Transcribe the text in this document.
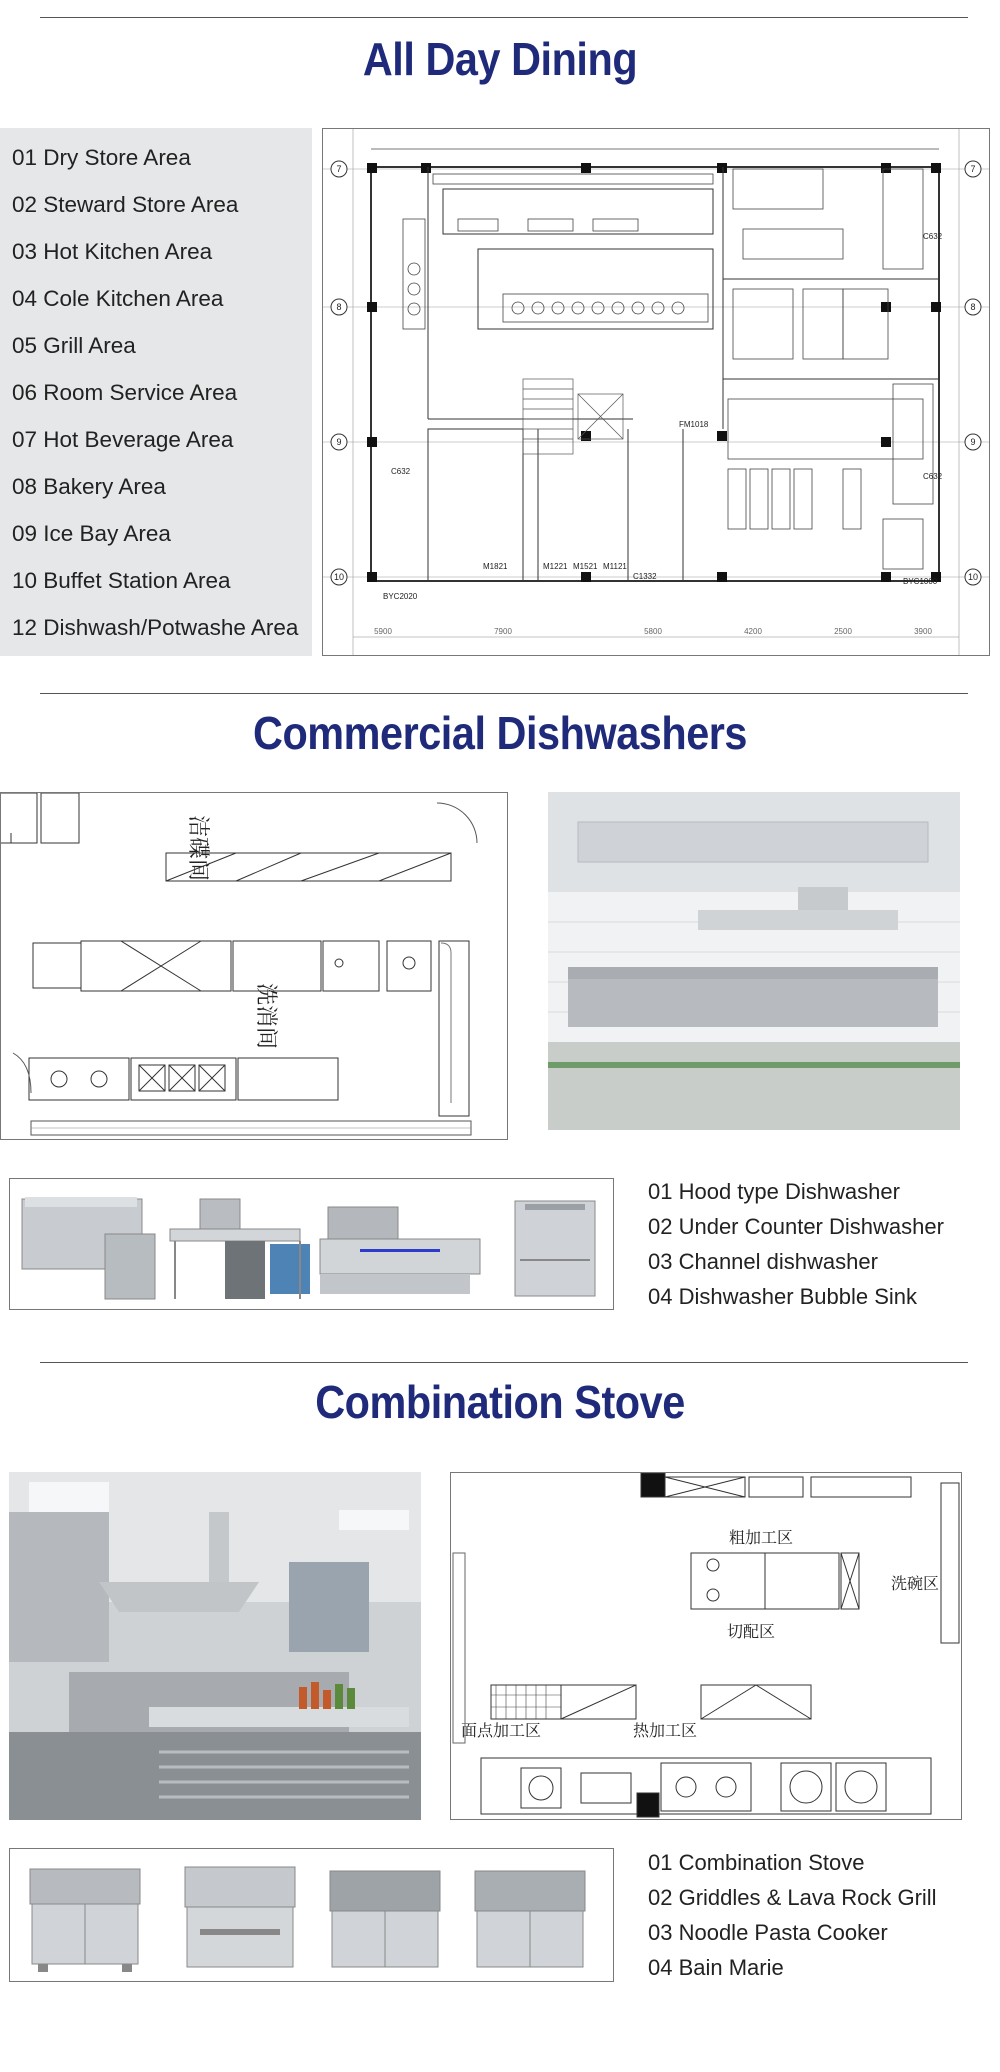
All Day Dining
01 Dry Store Area
02 Steward Store Area
03 Hot Kitchen Area
04 Cole Kitchen Area
05 Grill Area
06 Room Service Area
07 Hot Beverage Area
08 Bakery Area
09 Ice Bay Area
10 Buffet Station Area
12 Dishwash/Potwashe Area
7	7
8	8
9	9
10	10
BYC2020
BYC1000
M1821	M1221 M1521 M1121
C1332
FM1018
C632
C632
C632
5900	7900	5800	4200	2500	3900
Commercial Dishwashers
洁碟间
洗消间
01 Hood type Dishwasher
02 Under Counter Dishwasher
03 Channel dishwasher
04 Dishwasher Bubble Sink
Combination Stove
粗加工区
切配区
洗碗区
面点加工区	热加工区
01 Combination Stove
02 Griddles & Lava Rock Grill
03 Noodle Pasta Cooker
04 Bain Marie
